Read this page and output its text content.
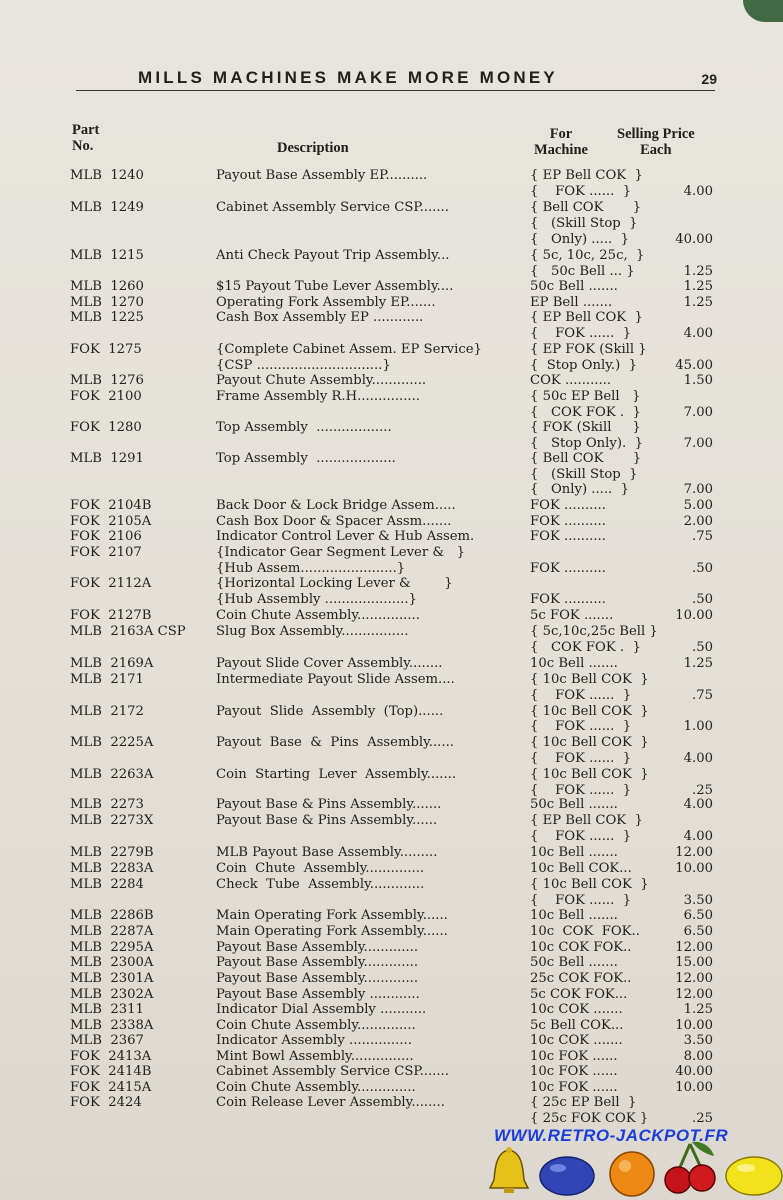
MILLS MACHINES MAKE MORE MONEY	29
Part
No.	Description
For
Machine
Selling Price
Each
MLB  1240	Payout Base Assembly EP..........	{ EP Bell COK  }
{    FOK ......  }	4.00
MLB  1249	Cabinet Assembly Service CSP.......	{ Bell COK       }
{   (Skill Stop  }
{   Only) .....  }	40.00
MLB  1215	Anti Check Payout Trip Assembly...	{ 5c, 10c, 25c,  }
{   50c Bell ... }	1.25
MLB  1260	$15 Payout Tube Lever Assembly....	50c Bell .......	1.25
MLB  1270	Operating Fork Assembly EP.......	EP Bell .......	1.25
MLB  1225	Cash Box Assembly EP ............	{ EP Bell COK  }
{    FOK ......  }	4.00
FOK  1275	{Complete Cabinet Assem. EP Service}	{ EP FOK (Skill }
{CSP ..............................}	{  Stop Only.)  }	45.00
MLB  1276	Payout Chute Assembly.............	COK ...........	1.50
FOK  2100	Frame Assembly R.H...............	{ 50c EP Bell   }
{   COK FOK .  }	7.00
FOK  1280	Top Assembly  ..................	{ FOK (Skill     }
{   Stop Only).  }	7.00
MLB  1291	Top Assembly  ...................	{ Bell COK       }
{   (Skill Stop  }
{   Only) .....  }	7.00
FOK  2104B	Back Door & Lock Bridge Assem.....	FOK ..........	5.00
FOK  2105A	Cash Box Door & Spacer Assm.......	FOK ..........	2.00
FOK  2106	Indicator Control Lever & Hub Assem.	FOK ..........	.75
FOK  2107	{Indicator Gear Segment Lever &   }
{Hub Assem.......................}	FOK ..........	.50
FOK  2112A	{Horizontal Locking Lever &        }
{Hub Assembly ....................}	FOK ..........	.50
FOK  2127B	Coin Chute Assembly...............	5c FOK .......	10.00
MLB  2163A CSP Slug Box Assembly................	{ 5c,10c,25c Bell }
{   COK FOK .  }	.50
MLB  2169A	Payout Slide Cover Assembly........	10c Bell .......	1.25
MLB  2171	Intermediate Payout Slide Assem....	{ 10c Bell COK  }
{    FOK ......  }	.75
MLB  2172	Payout  Slide  Assembly  (Top)......	{ 10c Bell COK  }
{    FOK ......  }	1.00
MLB  2225A	Payout  Base  &  Pins  Assembly......	{ 10c Bell COK  }
{    FOK ......  }	4.00
MLB  2263A	Coin  Starting  Lever  Assembly.......	{ 10c Bell COK  }
{    FOK ......  }	.25
MLB  2273	Payout Base & Pins Assembly.......	50c Bell .......	4.00
MLB  2273X	Payout Base & Pins Assembly......	{ EP Bell COK  }
{    FOK ......  }	4.00
MLB  2279B	MLB Payout Base Assembly.........	10c Bell .......	12.00
MLB  2283A	Coin  Chute  Assembly..............	10c Bell COK...	10.00
MLB  2284	Check  Tube  Assembly.............	{ 10c Bell COK  }
{    FOK ......  }	3.50
MLB  2286B	Main Operating Fork Assembly......	10c Bell .......	6.50
MLB  2287A	Main Operating Fork Assembly......	10c  COK  FOK..	6.50
MLB  2295A	Payout Base Assembly.............	10c COK FOK..	12.00
MLB  2300A	Payout Base Assembly.............	50c Bell .......	15.00
MLB  2301A	Payout Base Assembly.............	25c COK FOK..	12.00
MLB  2302A	Payout Base Assembly ............	5c COK FOK...	12.00
MLB  2311	Indicator Dial Assembly ...........	10c COK .......	1.25
MLB  2338A	Coin Chute Assembly..............	5c Bell COK...	10.00
MLB  2367	Indicator Assembly ...............	10c COK .......	3.50
FOK  2413A	Mint Bowl Assembly...............	10c FOK ......	8.00
FOK  2414B	Cabinet Assembly Service CSP.......	10c FOK ......	40.00
FOK  2415A	Coin Chute Assembly..............	10c FOK ......	10.00
FOK  2424	Coin Release Lever Assembly........	{ 25c EP Bell  }
{ 25c FOK COK }	.25
WWW.RETRO-JACKPOT.FR
